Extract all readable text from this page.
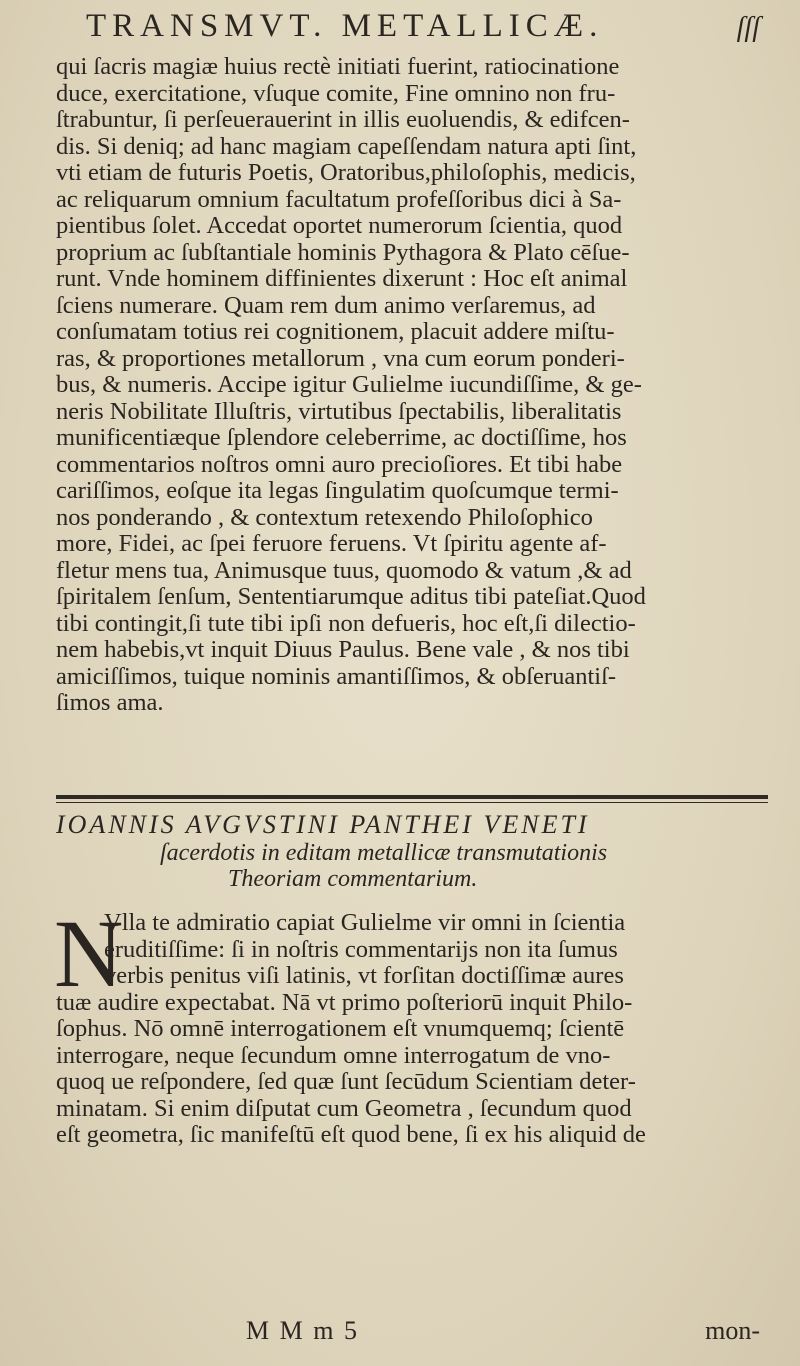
TRANSMVT. METALLICÆ.	ſſſ
qui ſacris magiæ huius rectè initiati fuerint, ratiocinatione
duce, exercitatione, vſuque comite, Fine omnino non fru-
ſtrabuntur, ſi perſeuerauerint in illis euoluendis, & edifcen-
dis. Si deniq; ad hanc magiam capeſſendam natura apti ſint,
vti etiam de futuris Poetis, Oratoribus,philoſophis, medicis,
ac reliquarum omnium facultatum profeſſoribus dici à Sa-
pientibus ſolet. Accedat oportet numerorum ſcientia, quod
proprium ac ſubſtantiale hominis Pythagora & Plato cēſue-
runt. Vnde hominem diffinientes dixerunt : Hoc eſt animal
ſciens numerare. Quam rem dum animo verſaremus, ad
conſumatam totius rei cognitionem, placuit addere miſtu-
ras, & proportiones metallorum , vna cum eorum ponderi-
bus, & numeris. Accipe igitur Gulielme iucundiſſime, & ge-
neris Nobilitate Illuſtris, virtutibus ſpectabilis, liberalitatis
munificentiæque ſplendore celeberrime, ac doctiſſime, hos
commentarios noſtros omni auro precioſiores. Et tibi habe
cariſſimos, eoſque ita legas ſingulatim quoſcumque termi-
nos ponderando , & contextum retexendo Philoſophico
more, Fidei, ac ſpei feruore feruens. Vt ſpiritu agente af-
fletur mens tua, Animusque tuus, quomodo & vatum ,& ad
ſpiritalem ſenſum, Sententiarumque aditus tibi pateſiat.Quod
tibi contingit,ſi tute tibi ipſi non defueris, hoc eſt,ſi dilectio-
nem habebis,vt inquit Diuus Paulus. Bene vale , & nos tibi
amiciſſimos, tuique nominis amantiſſimos, & obſeruantiſ-
ſimos ama.
IOANNIS AVGVSTINI PANTHEI VENETI
ſacerdotis in editam metallicæ transmutationis
Theoriam commentarium.
N
Vlla te admiratio capiat Gulielme vir omni in ſcientia
eruditiſſime: ſi in noſtris commentarijs non ita ſumus
verbis penitus viſi latinis, vt forſitan doctiſſimæ aures
tuæ audire expectabat. Nā vt primo poſteriorū inquit Philo-
ſophus. Nō omnē interrogationem eſt vnumquemq; ſcientē
interrogare, neque ſecundum omne interrogatum de vno-
quoq ue reſpondere, ſed quæ ſunt ſecūdum Scientiam deter-
minatam. Si enim diſputat cum Geometra , ſecundum quod
eſt geometra, ſic manifeſtū eſt quod bene, ſi ex his aliquid de
M M m 5	mon-
